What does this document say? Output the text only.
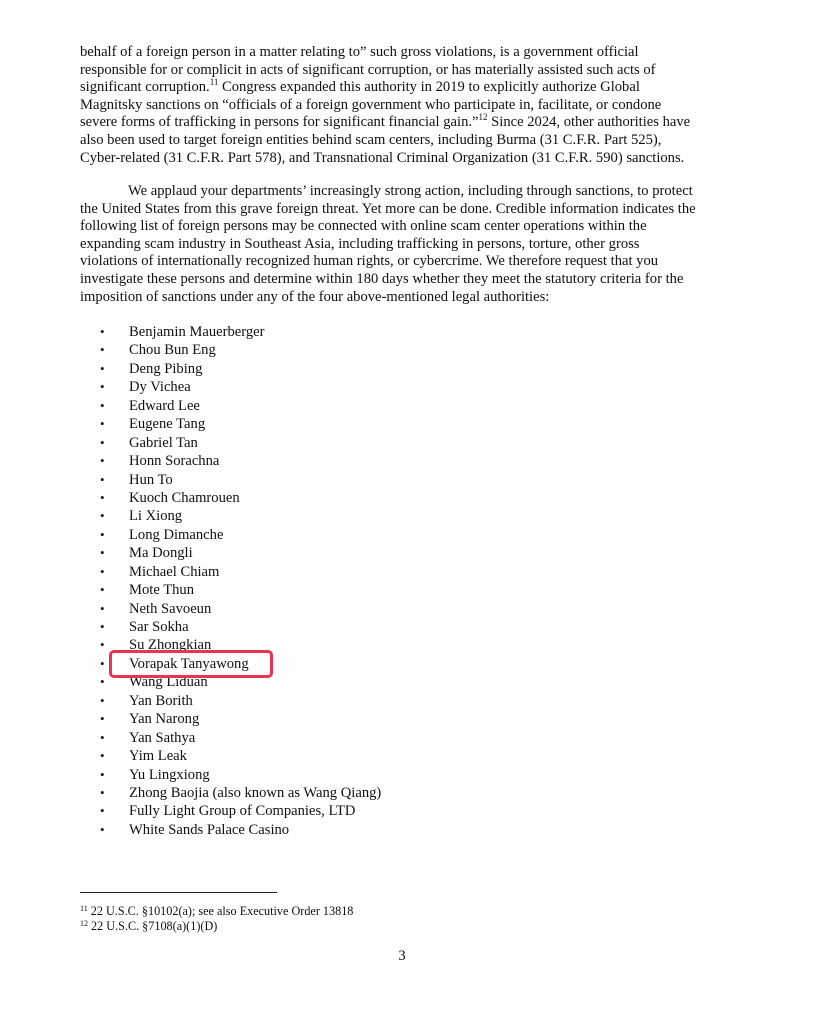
behalf of a foreign person in a matter relating to” such gross violations, is a government official
responsible for or complicit in acts of significant corruption, or has materially assisted such acts of
significant corruption.$^{11}$ Congress expanded this authority in 2019 to explicitly authorize Global
Magnitsky sanctions on “officials of a foreign government who participate in, facilitate, or condone
severe forms of trafficking in persons for significant financial gain.”$^{12}$ Since 2024, other authorities have
also been used to target foreign entities behind scam centers, including Burma (31 C.F.R. Part 525),
Cyber-related (31 C.F.R. Part 578), and Transnational Criminal Organization (31 C.F.R. 590) sanctions.

We applaud your departments’ increasingly strong action, including through sanctions, to protect
the United States from this grave foreign threat. Yet more can be done. Credible information indicates the
following list of foreign persons may be connected with online scam center operations within the
expanding scam industry in Southeast Asia, including trafficking in persons, torture, other gross
violations of internationally recognized human rights, or cybercrime. We therefore request that you
investigate these persons and determine within 180 days whether they meet the statutory criteria for the
imposition of sanctions under any of the four above-mentioned legal authorities:

•	Benjamin Mauerberger
•	Chou Bun Eng
•	Deng Pibing
•	Dy Vichea
•	Edward Lee
•	Eugene Tang
•	Gabriel Tan
•	Honn Sorachna
•	Hun To
•	Kuoch Chamrouen
•	Li Xiong
•	Long Dimanche
•	Ma Dongli
•	Michael Chiam
•	Mote Thun
•	Neth Savoeun
•	Sar Sokha
•	Su Zhongkian
•	Vorapak Tanyawong
•	Wang Liduan
•	Yan Borith
•	Yan Narong
•	Yan Sathya
•	Yim Leak
•	Yu Lingxiong
•	Zhong Baojia (also known as Wang Qiang)
•	Fully Light Group of Companies, LTD
•	White Sands Palace Casino
$^{11}$ 22 U.S.C. §10102(a); see also Executive Order 13818
$^{12}$ 22 U.S.C. §7108(a)(1)(D)
3
